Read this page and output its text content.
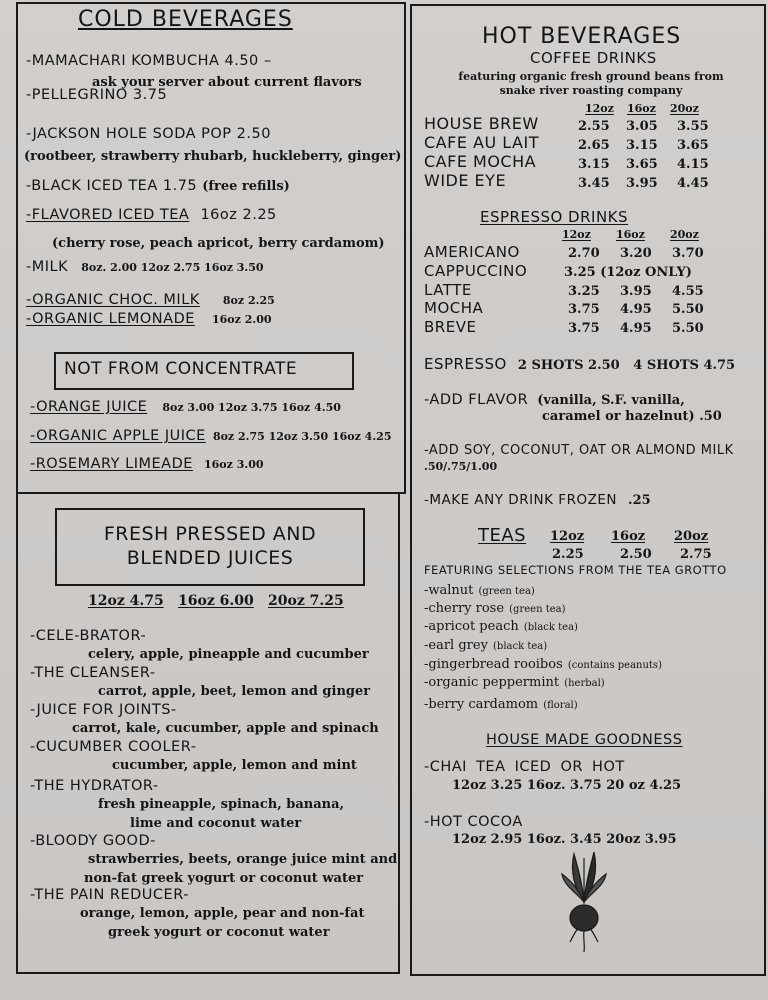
COLD BEVERAGES
-MAMACHARI KOMBUCHA 4.50 –
ask your server about current flavors
-PELLEGRINO 3.75
-JACKSON HOLE SODA POP 2.50
(rootbeer, strawberry rhubarb, huckleberry, ginger)
-BLACK ICED TEA 1.75 (free refills)
-FLAVORED ICED TEA 16oz 2.25
(cherry rose, peach apricot, berry cardamom)
-MILK 8oz. 2.00 12oz 2.75 16oz 3.50
-ORGANIC CHOC. MILK 8oz 2.25
-ORGANIC LEMONADE 16oz 2.00
NOT FROM CONCENTRATE
-ORANGE JUICE 8oz 3.00 12oz 3.75 16oz 4.50
-ORGANIC APPLE JUICE 8oz 2.75 12oz 3.50 16oz 4.25
-ROSEMARY LIMEADE 16oz 3.00
FRESH PRESSED AND
BLENDED JUICES
12oz 4.75 16oz 6.00 20oz 7.25
-CELE-BRATOR-
celery, apple, pineapple and cucumber
-THE CLEANSER-
carrot, apple, beet, lemon and ginger
-JUICE FOR JOINTS-
carrot, kale, cucumber, apple and spinach
-CUCUMBER COOLER-
cucumber, apple, lemon and mint
-THE HYDRATOR-
fresh pineapple, spinach, banana,
lime and coconut water
-BLOODY GOOD-
strawberries, beets, orange juice mint and
non-fat greek yogurt or coconut water
-THE PAIN REDUCER-
orange, lemon, apple, pear and non-fat
greek yogurt or coconut water
HOT BEVERAGES
COFFEE DRINKS
featuring organic fresh ground beans from
snake river roasting company
12oz 16oz 20oz
HOUSE BREW	2.55 3.05 3.55
CAFE AU LAIT	2.65 3.15 3.65
CAFE MOCHA	3.15 3.65 4.15
WIDE EYE	3.45 3.95 4.45
ESPRESSO DRINKS
12oz 16oz 20oz
AMERICANO	2.70 3.20 3.70
CAPPUCCINO	3.25 (12oz ONLY)
LATTE	3.25 3.95 4.55
MOCHA	3.75 4.95 5.50
BREVE	3.75 4.95 5.50
ESPRESSO 2 SHOTS 2.50   4 SHOTS 4.75
-ADD FLAVOR (vanilla, S.F. vanilla,
caramel or hazelnut) .50
-ADD SOY, COCONUT, OAT OR ALMOND MILK
.50/.75/1.00
-MAKE ANY DRINK FROZEN .25
TEAS 12oz 16oz 20oz
2.25	2.50 2.75
FEATURING SELECTIONS FROM THE TEA GROTTO
-walnut (green tea)
-cherry rose (green tea)
-apricot peach (black tea)
-earl grey (black tea)
-gingerbread rooibos (contains peanuts)
-organic peppermint (herbal)
-berry cardamom (floral)
HOUSE MADE GOODNESS
-CHAI TEA ICED OR HOT
12oz 3.25 16oz. 3.75 20 oz 4.25
-HOT COCOA
12oz 2.95 16oz. 3.45 20oz 3.95
